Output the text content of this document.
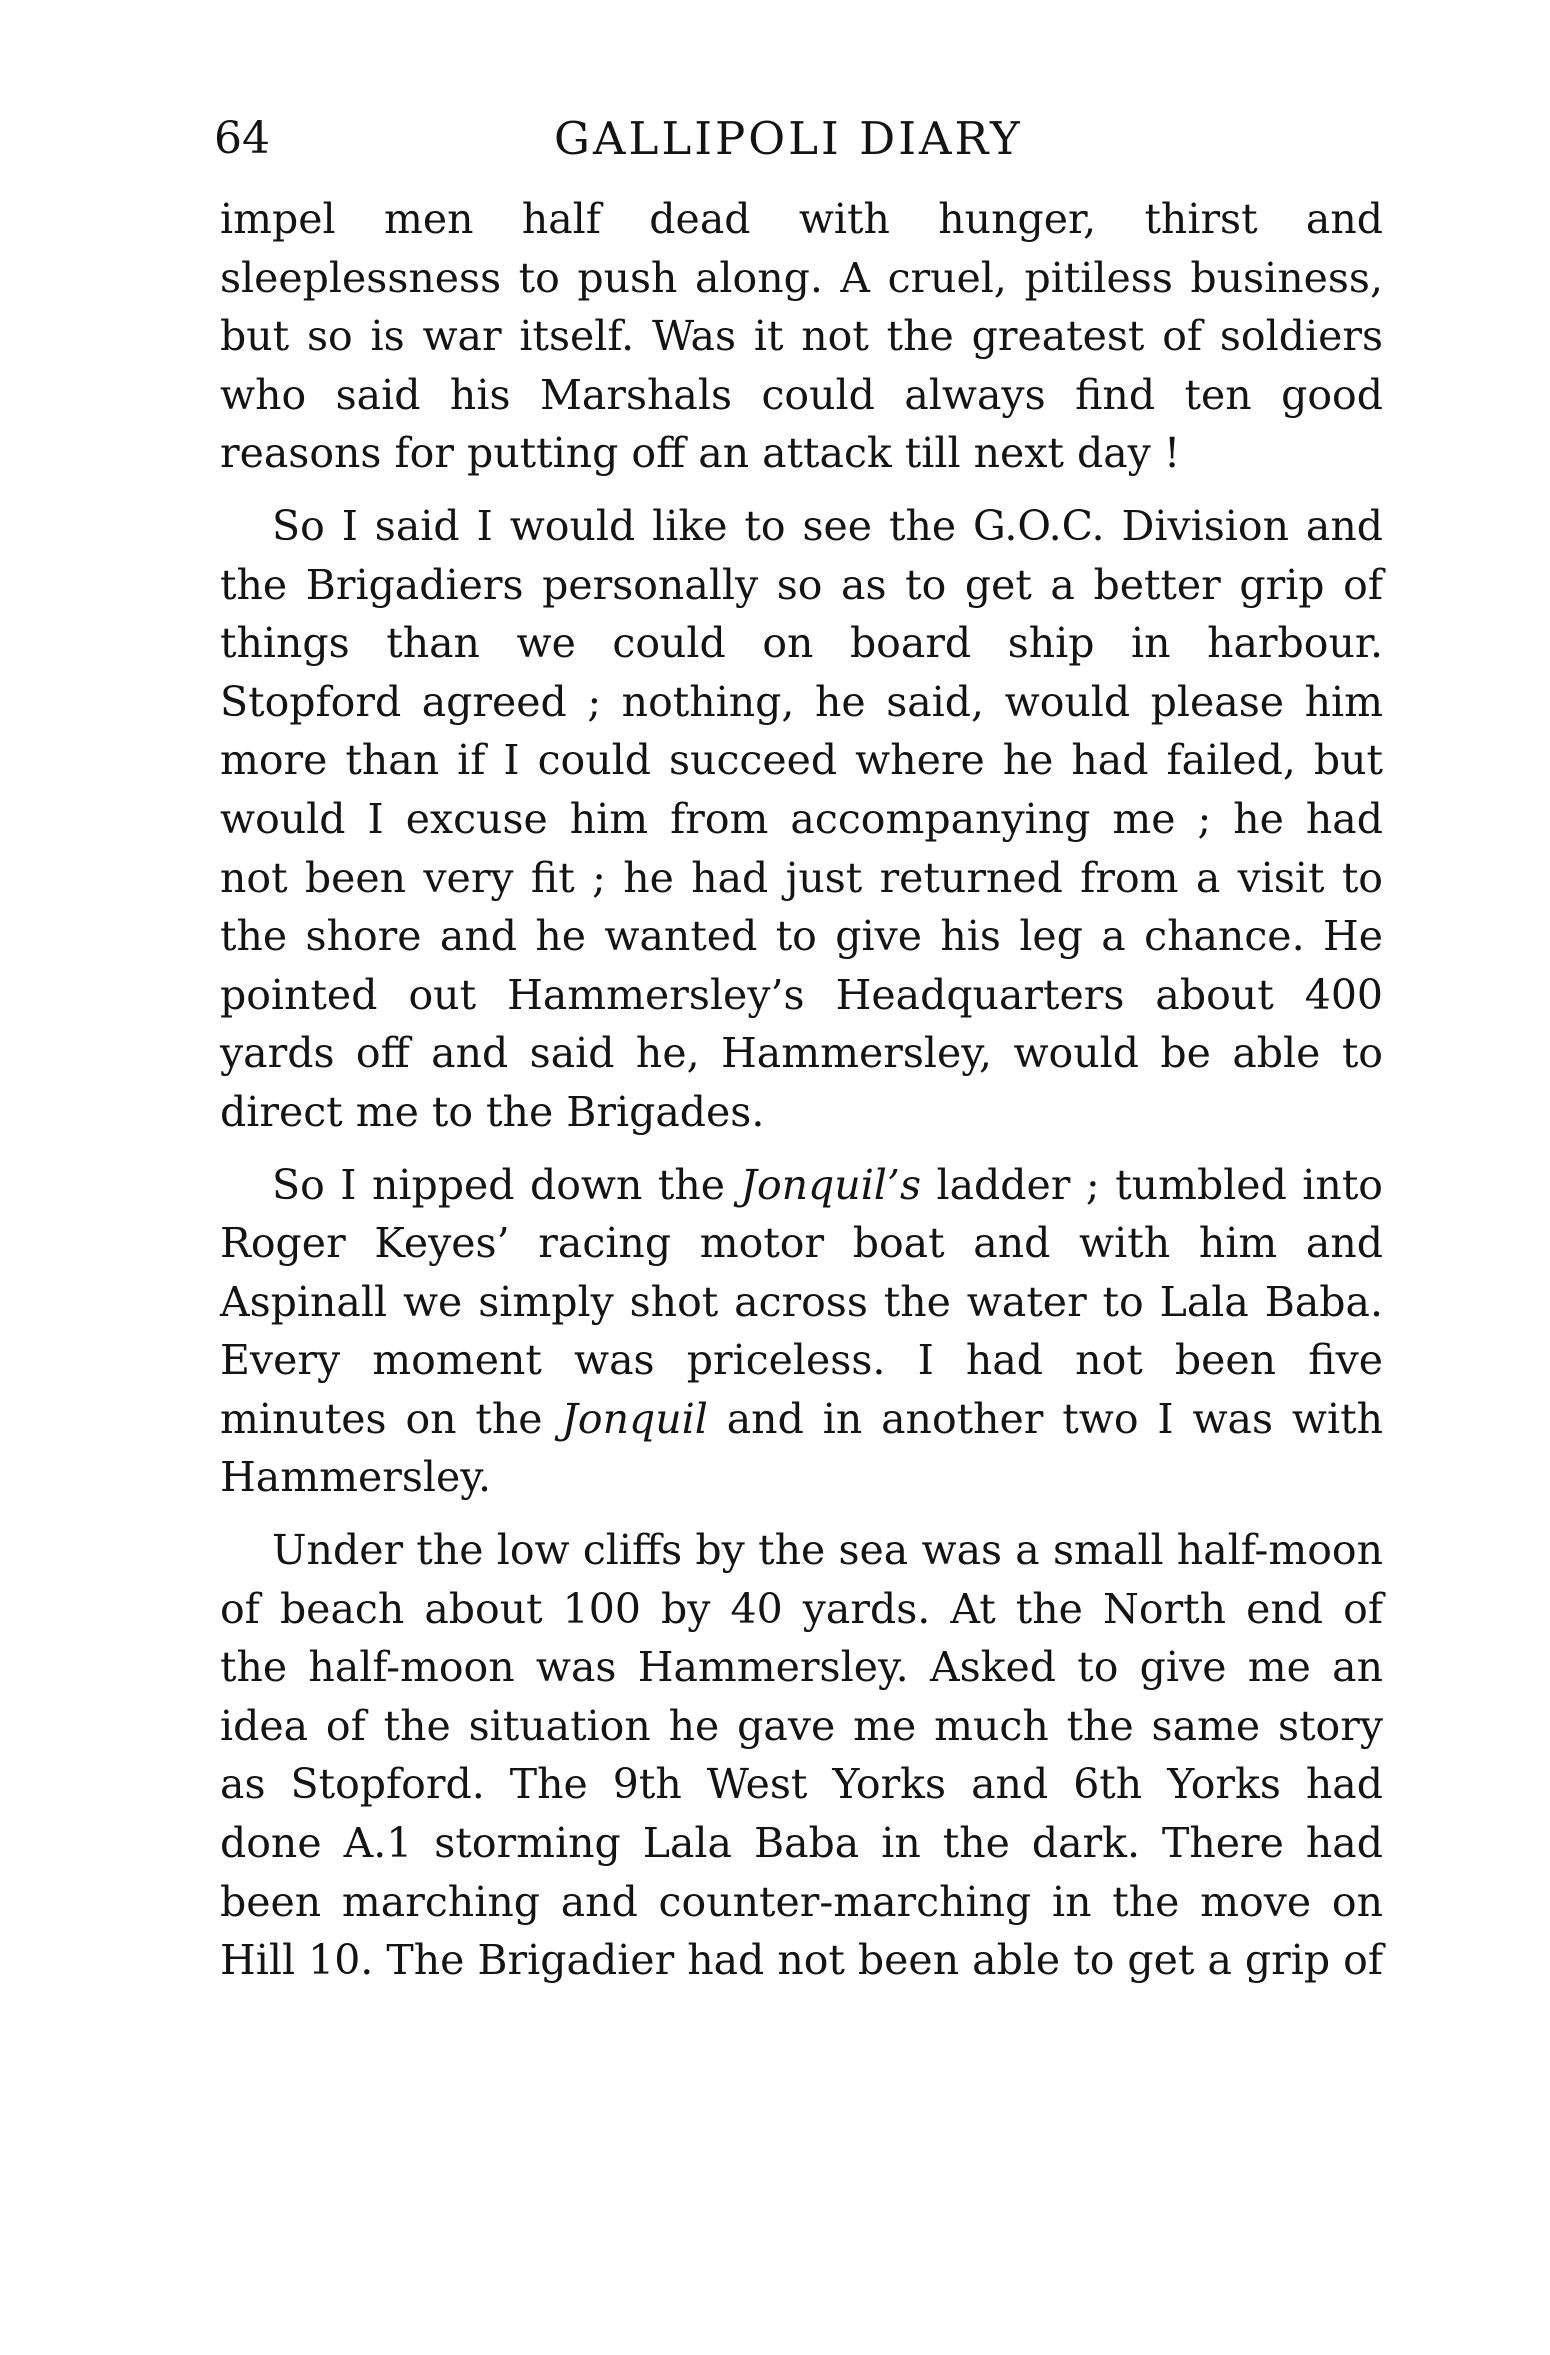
64	GALLIPOLI DIARY

impel men half dead with hunger, thirst and sleeplessness to push along. A cruel, pitiless business, but so is war itself. Was it not the greatest of soldiers who said his Marshals could always find ten good reasons for putting off an attack till next day !

So I said I would like to see the G.O.C. Division and the Brigadiers personally so as to get a better grip of things than we could on board ship in harbour. Stopford agreed ; nothing, he said, would please him more than if I could succeed where he had failed, but would I excuse him from accompanying me ; he had not been very fit ; he had just returned from a visit to the shore and he wanted to give his leg a chance. He pointed out Hammersley’s Headquarters about 400 yards off and said he, Hammersley, would be able to direct me to the Brigades.

So I nipped down the Jonquil’s ladder ; tumbled into Roger Keyes’ racing motor boat and with him and Aspinall we simply shot across the water to Lala Baba. Every moment was priceless. I had not been five minutes on the Jonquil and in another two I was with Hammersley.

Under the low cliffs by the sea was a small half-moon of beach about 100 by 40 yards. At the North end of the half-moon was Hammersley. Asked to give me an idea of the situation he gave me much the same story as Stopford. The 9th West Yorks and 6th Yorks had done A.1 storming Lala Baba in the dark. There had been marching and counter-marching in the move on Hill 10. The Brigadier had not been able to get a grip of
